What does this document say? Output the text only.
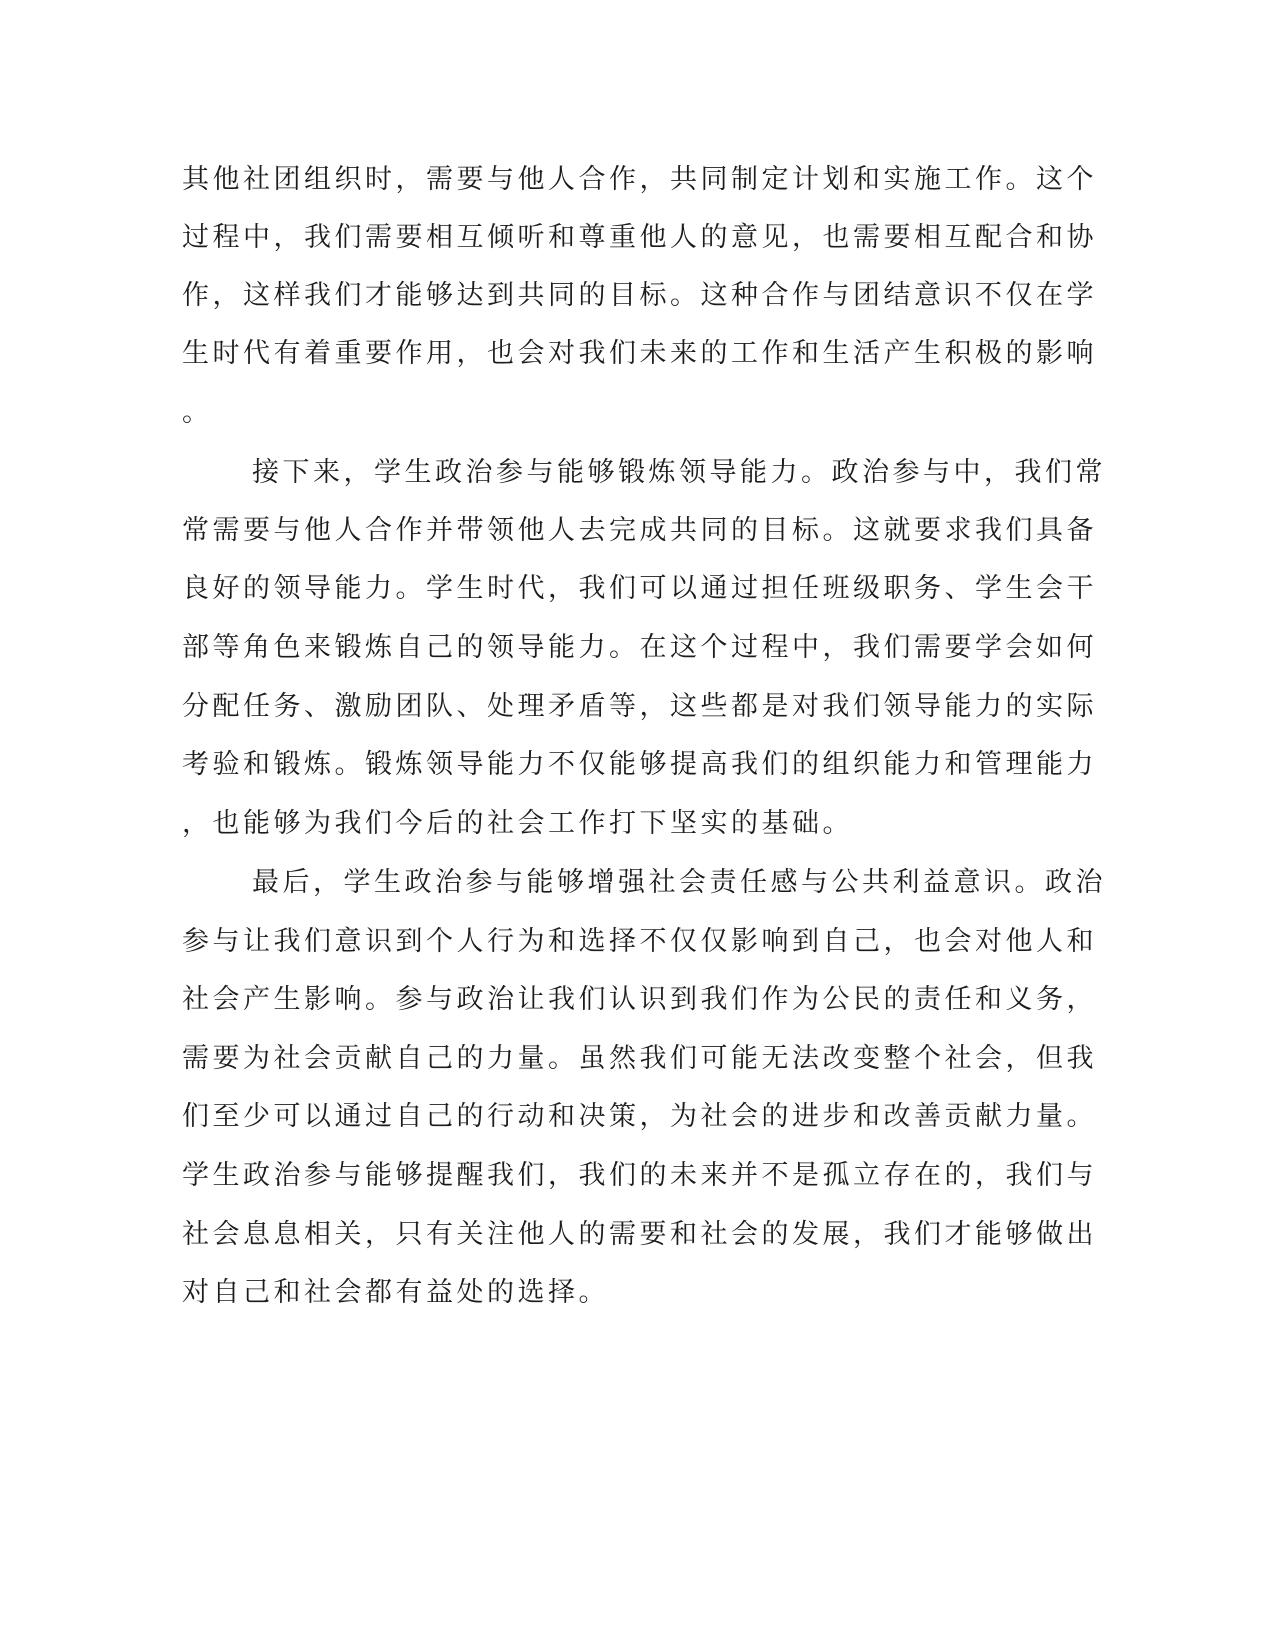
其他社团组织时，需要与他人合作，共同制定计划和实施工作。这个

过程中，我们需要相互倾听和尊重他人的意见，也需要相互配合和协

作，这样我们才能够达到共同的目标。这种合作与团结意识不仅在学

生时代有着重要作用，也会对我们未来的工作和生活产生积极的影响

。

接下来，学生政治参与能够锻炼领导能力。政治参与中，我们常

常需要与他人合作并带领他人去完成共同的目标。这就要求我们具备

良好的领导能力。学生时代，我们可以通过担任班级职务、学生会干

部等角色来锻炼自己的领导能力。在这个过程中，我们需要学会如何

分配任务、激励团队、处理矛盾等，这些都是对我们领导能力的实际

考验和锻炼。锻炼领导能力不仅能够提高我们的组织能力和管理能力

，也能够为我们今后的社会工作打下坚实的基础。

最后，学生政治参与能够增强社会责任感与公共利益意识。政治

参与让我们意识到个人行为和选择不仅仅影响到自己，也会对他人和

社会产生影响。参与政治让我们认识到我们作为公民的责任和义务，

需要为社会贡献自己的力量。虽然我们可能无法改变整个社会，但我

们至少可以通过自己的行动和决策，为社会的进步和改善贡献力量。

学生政治参与能够提醒我们，我们的未来并不是孤立存在的，我们与

社会息息相关，只有关注他人的需要和社会的发展，我们才能够做出

对自己和社会都有益处的选择。
